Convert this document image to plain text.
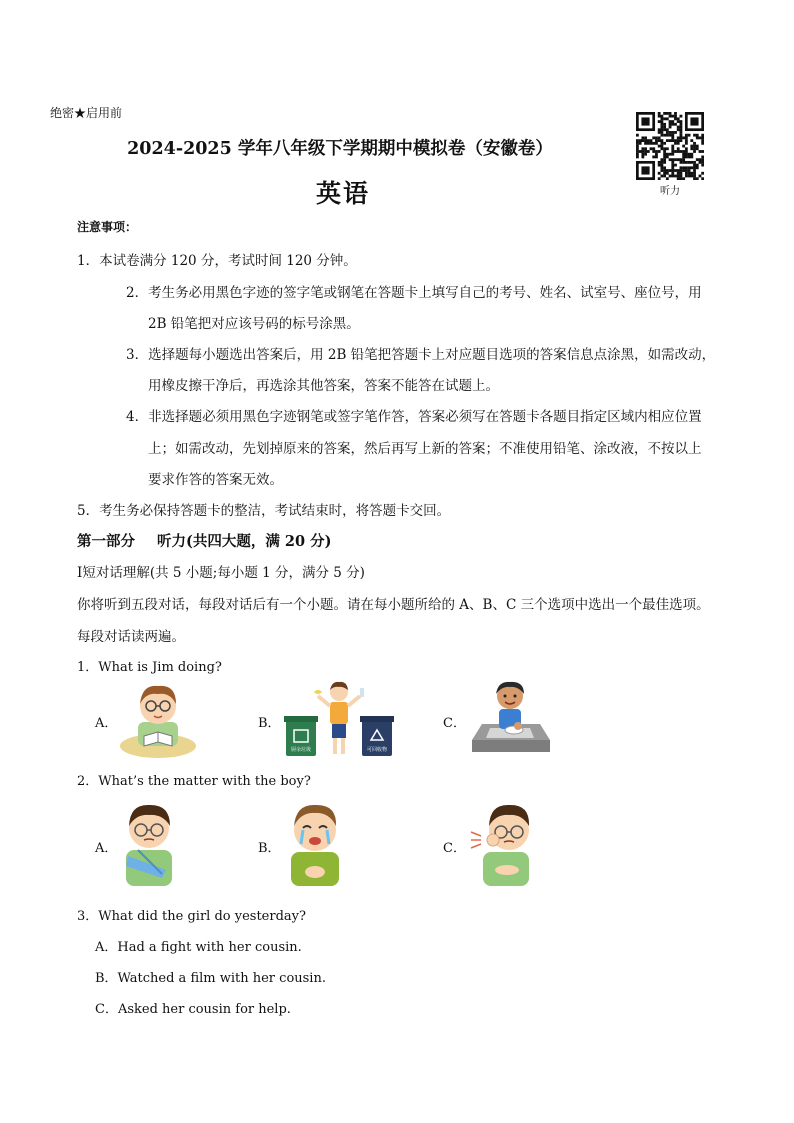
绝密★启用前
2024-2025 学年八年级下学期期中模拟卷（安徽卷）
英语	听力
注意事项：
1．本试卷满分 120 分，考试时间 120 分钟。
2．考生务必用黑色字迹的签字笔或钢笔在答题卡上填写自己的考号、姓名、试室号、座位号，用
2B 铅笔把对应该号码的标号涂黑。
3．选择题每小题选出答案后，用 2B 铅笔把答题卡上对应题目选项的答案信息点涂黑，如需改动，
用橡皮擦干净后，再选涂其他答案，答案不能答在试题上。
4．非选择题必须用黑色字迹钢笔或签字笔作答，答案必须写在答题卡各题目指定区域内相应位置
上；如需改动，先划掉原来的答案，然后再写上新的答案；不准使用铅笔、涂改液，不按以上
要求作答的答案无效。
5．考生务必保持答题卡的整洁，考试结束时，将答题卡交回。
第一部分 听力(共四大题，满 20 分)
Ⅰ短对话理解(共 5 小题;每小题 1 分，满分 5 分)
你将听到五段对话，每段对话后有一个小题。请在每小题所给的 A、B、C 三个选项中选出一个最佳选项。
每段对话读两遍。
1．What is Jim doing?
A．	B．	C．
厨余垃圾	可回收物
2．What’s the matter with the boy?
A．	B．	C．
3．What did the girl do yesterday?
A．Had a fight with her cousin.
B．Watched a film with her cousin.
C．Asked her cousin for help.
